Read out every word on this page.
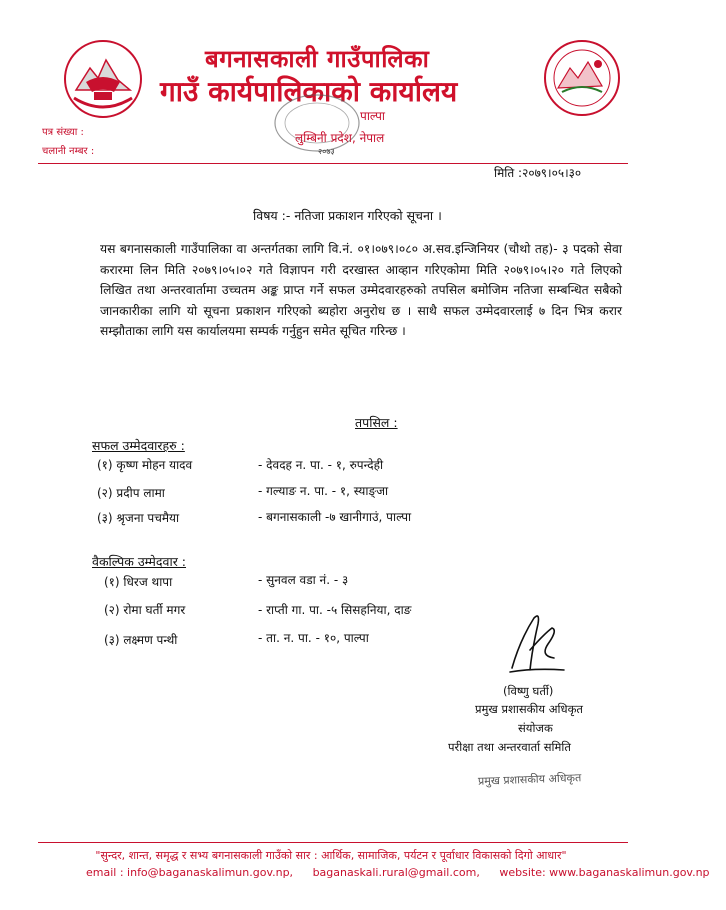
बगनासकाली गाउँपालिका
गाउँ कार्यपालिकाको कार्यालय
पाल्पा
लुम्बिनी प्रदेश, नेपाल
२०७३
पत्र संख्या :
चलानी नम्बर :
मिति :२०७९।०५।३०
विषय :- नतिजा प्रकाशन गरिएको सूचना ।
यस बगनासकाली गाउँपालिका वा अन्तर्गतका लागि वि.नं. ०१।०७९।०८० अ.सव.इन्जिनियर (चौथो तह)- ३ पदको सेवा करारमा लिन मिति २०७९।०५।०२ गते विज्ञापन गरी दरखास्त आव्हान गरिएकोमा मिति २०७९।०५।२० गते लिएको लिखित तथा अन्तरवार्तामा उच्चतम अङ्क प्राप्त गर्ने सफल उम्मेदवारहरुको तपसिल बमोजिम नतिजा सम्बन्धित सबैको जानकारीका लागि यो सूचना प्रकाशन गरिएको ब्यहोरा अनुरोध छ । साथै सफल उम्मेदवारलाई ७ दिन भित्र करार सम्झौताका लागि यस कार्यालयमा सम्पर्क गर्नुहुन समेत सूचित गरिन्छ ।
तपसिल :
सफल उम्मेदवारहरु :
(१) कृष्ण मोहन यादव	- देवदह न. पा. - १, रुपन्देही
(२) प्रदीप लामा	- गल्याङ न. पा. - १, स्याङ्जा
(३) श्रृजना पचमैया	- बगनासकाली -७ खानीगाउं, पाल्पा
वैकल्पिक उम्मेदवार :
(१) धिरज थापा	- सुनवल वडा नं. - ३
(२) रोमा घर्ती मगर	- राप्ती गा. पा. -५ सिसहनिया, दाङ
(३) लक्ष्मण पन्थी	- ता. न. पा. - १०, पाल्पा
(विष्णु घर्ती)
प्रमुख प्रशासकीय अधिकृत
संयोजक
परीक्षा तथा अन्तरवार्ता समिति
प्रमुख प्रशासकीय अधिकृत
"सुन्दर, शान्त, समृद्ध र सभ्य बगनासकाली गाउँको सार : आर्थिक, सामाजिक, पर्यटन र पूर्वाधार विकासको दिगो आधार"
email : info@baganaskalimun.gov.np, baganaskali.rural@gmail.com, website: www.baganaskalimun.gov.np
